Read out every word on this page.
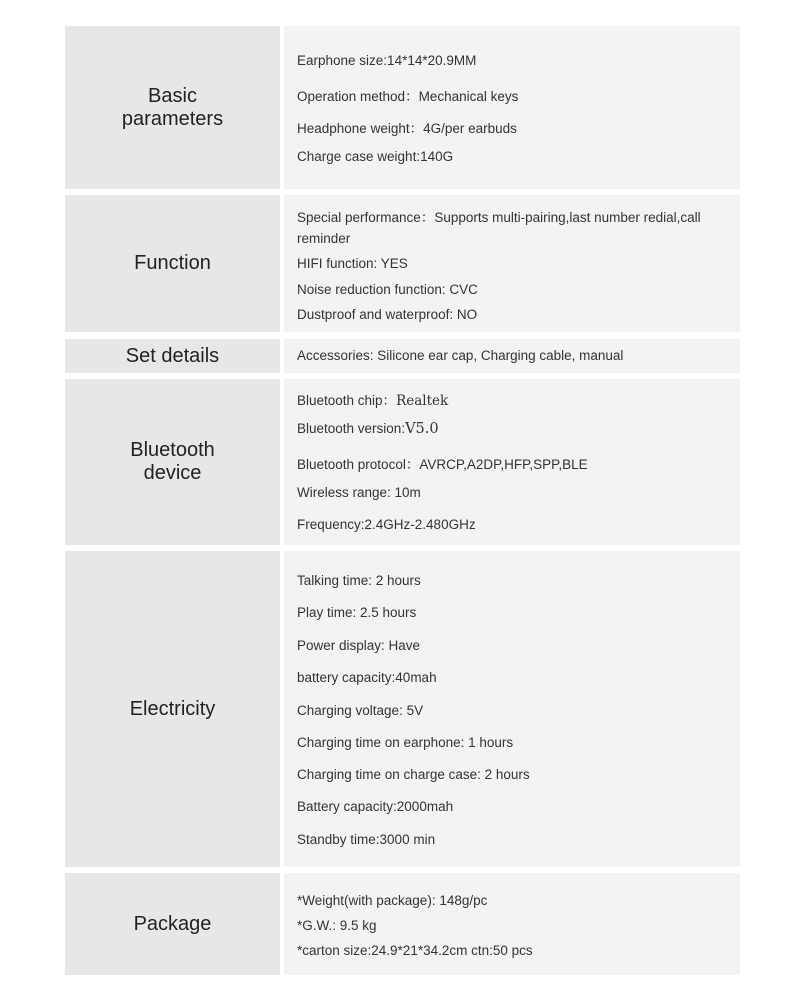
Basic
parameters
Earphone size:14*14*20.9MM
Operation method：Mechanical keys
Headphone weight：4G/per earbuds
Charge case weight:140G
Function
Special performance：Supports multi-pairing,last number redial,call reminder
HIFI function: YES
Noise reduction function: CVC
Dustproof and waterproof: NO
Set details	Accessories: Silicone ear cap, Charging cable, manual
Bluetooth
device
Bluetooth chip：Realtek
Bluetooth version:V5.0
Bluetooth protocol：AVRCP,A2DP,HFP,SPP,BLE
Wireless range: 10m
Frequency:2.4GHz-2.480GHz
Electricity
Talking time: 2 hours
Play time: 2.5 hours
Power display: Have
battery capacity:40mah
Charging voltage: 5V
Charging time on earphone: 1 hours
Charging time on charge case: 2 hours
Battery capacity:2000mah
Standby time:3000 min
Package
*Weight(with package): 148g/pc
*G.W.: 9.5 kg
*carton size:24.9*21*34.2cm ctn:50 pcs
